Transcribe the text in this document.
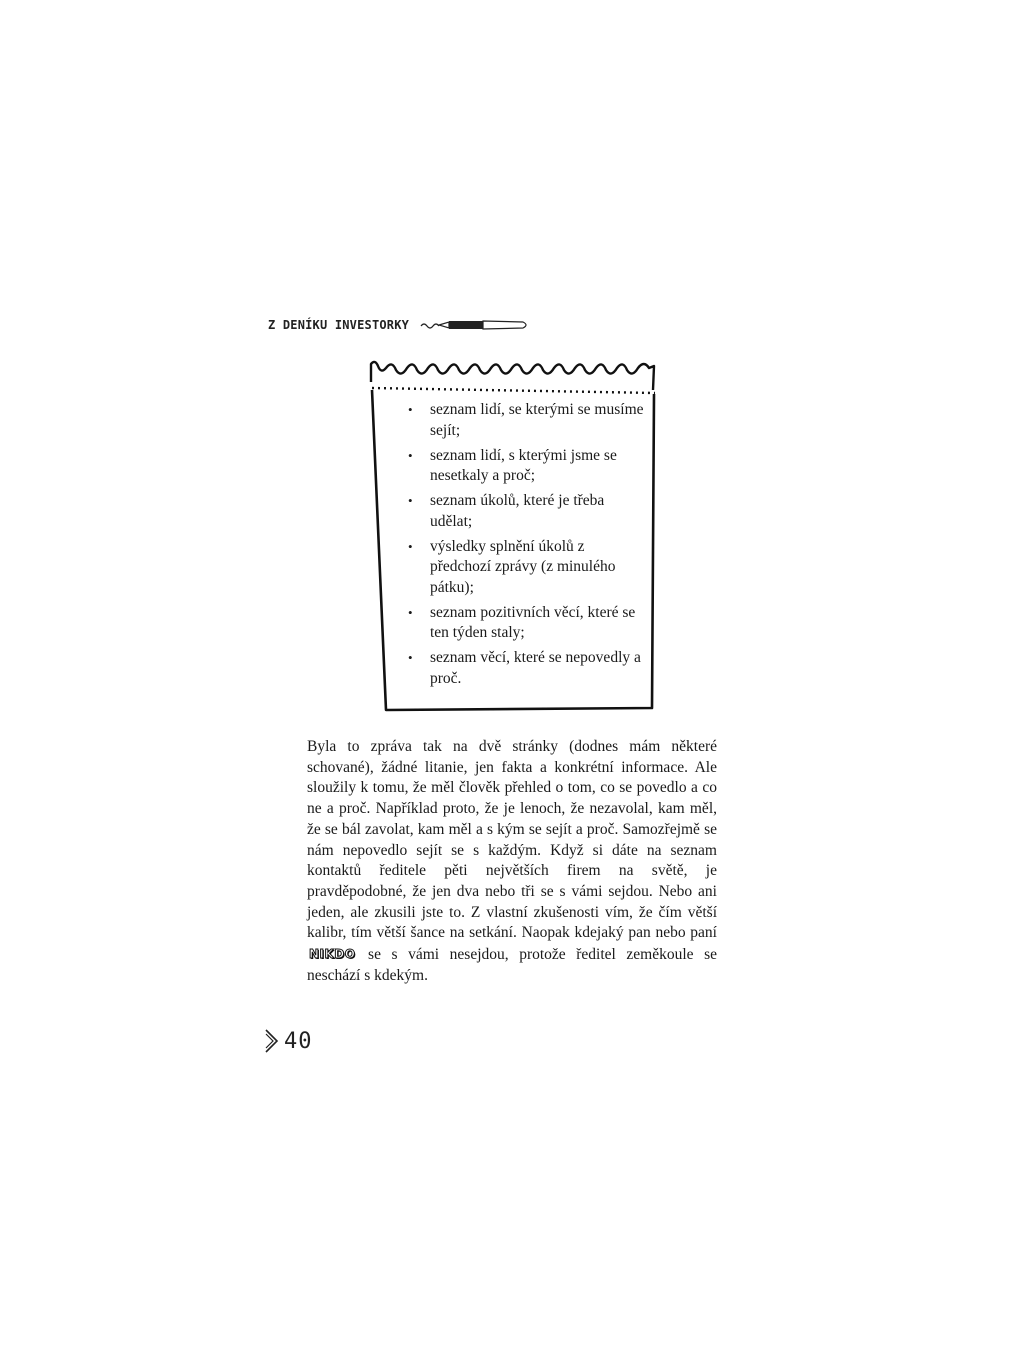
Z DENÍKU INVESTORKY
• seznam lidí, se kterými se musíme sejít;
• seznam lidí, s kterými jsme se nesetkaly a proč;
• seznam úkolů, které je třeba udělat;
• výsledky splnění úkolů z předchozí zprávy (z minulého pátku);
• seznam pozitivních věcí, které se ten týden staly;
• seznam věcí, které se nepovedly a proč.

Byla to zpráva tak na dvě stránky (dodnes mám některé schované), žádné litanie, jen fakta a konkrétní informace. Ale sloužily k tomu, že měl člověk přehled o tom, co se povedlo a co ne a proč. Například proto, že je lenoch, že nezavolal, kam měl, že se bál zavolat, kam měl a s kým se sejít a proč. Samozřejmě se nám nepovedlo sejít se s každým. Když si dáte na seznam kontaktů ředitele pěti největších firem na světě, je pravděpodobné, že jen dva nebo tři se s vámi sejdou. Nebo ani jeden, ale zkusili jste to. Z vlastní zkušenosti vím, že čím větší kalibr, tím větší šance na setkání. Naopak kdejaký pan nebo paní NIKDO se s vámi nesejdou, protože ředitel zeměkoule se neschází s kdekým.

40
